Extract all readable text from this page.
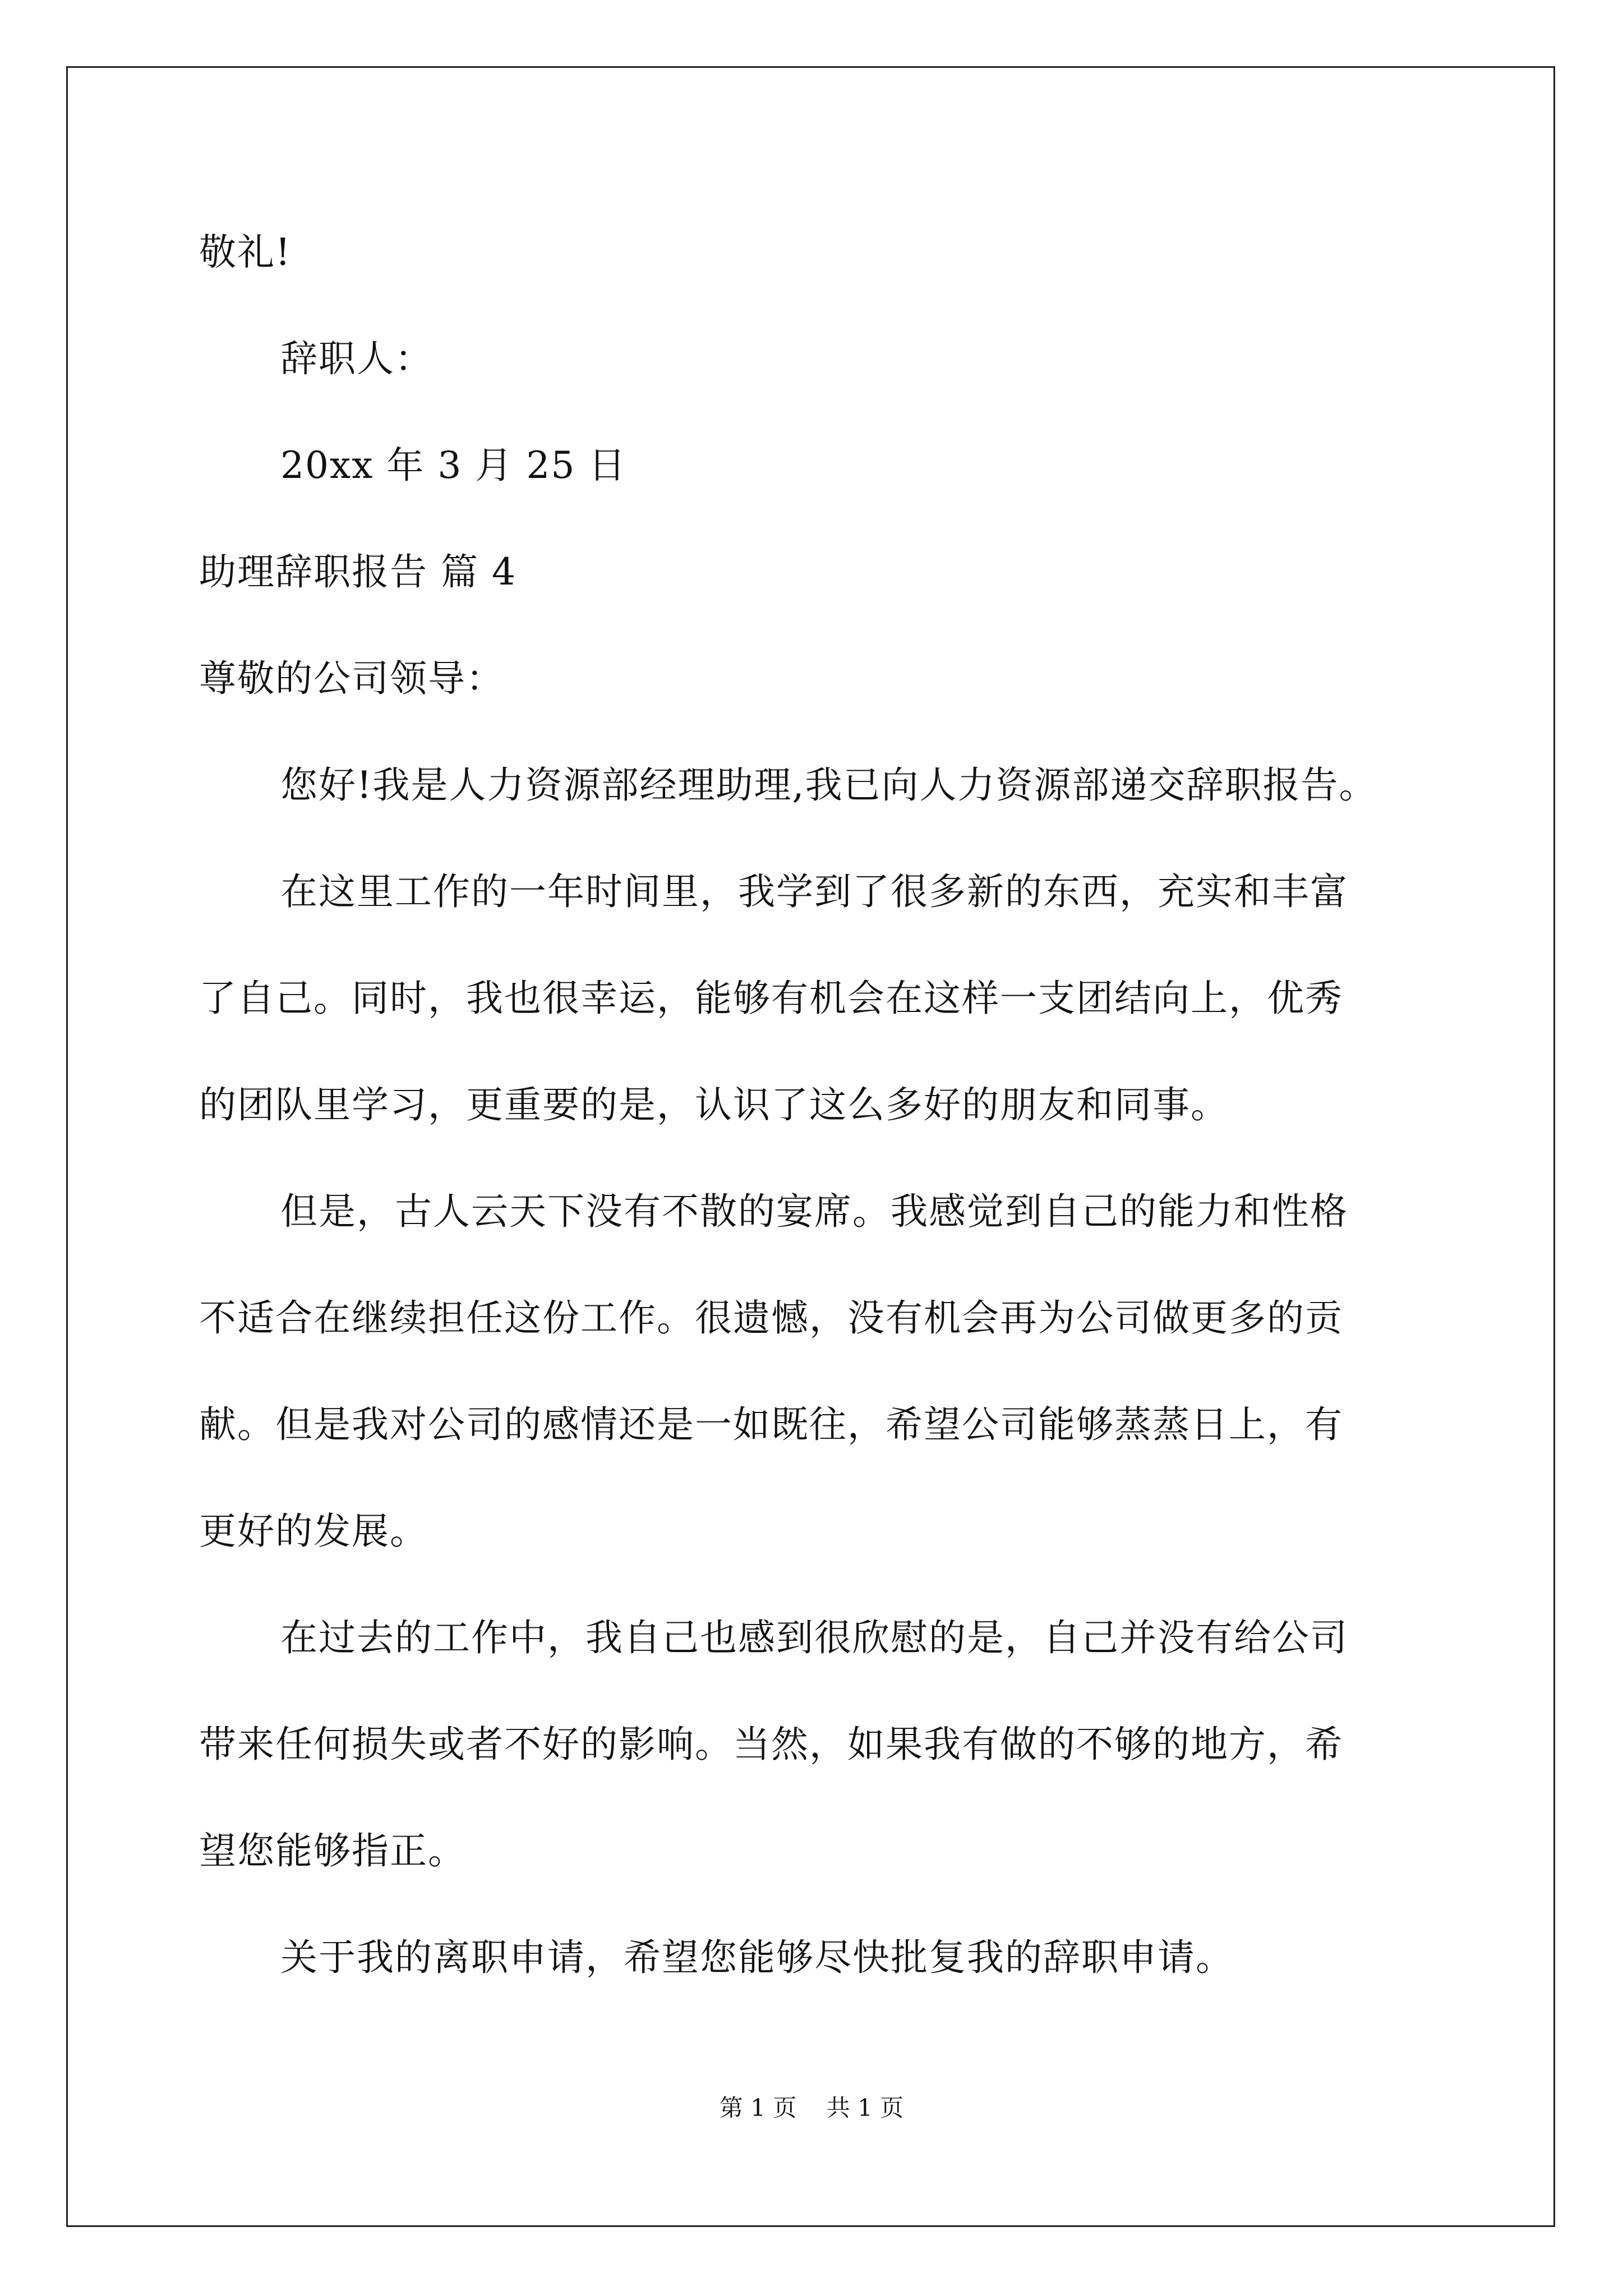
敬礼!
辞职人：
20xx 年 3 月 25 日
助理辞职报告 篇 4
尊敬的公司领导：
您好!我是人力资源部经理助理,我已向人力资源部递交辞职报告。
在这里工作的一年时间里，我学到了很多新的东西，充实和丰富
了自己。同时，我也很幸运，能够有机会在这样一支团结向上，优秀
的团队里学习，更重要的是，认识了这么多好的朋友和同事。
但是，古人云天下没有不散的宴席。我感觉到自己的能力和性格
不适合在继续担任这份工作。很遗憾，没有机会再为公司做更多的贡
献。但是我对公司的感情还是一如既往，希望公司能够蒸蒸日上，有
更好的发展。
在过去的工作中，我自己也感到很欣慰的是，自己并没有给公司
带来任何损失或者不好的影响。当然，如果我有做的不够的地方，希
望您能够指正。
关于我的离职申请，希望您能够尽快批复我的辞职申请。
第 1 页    共 1 页
